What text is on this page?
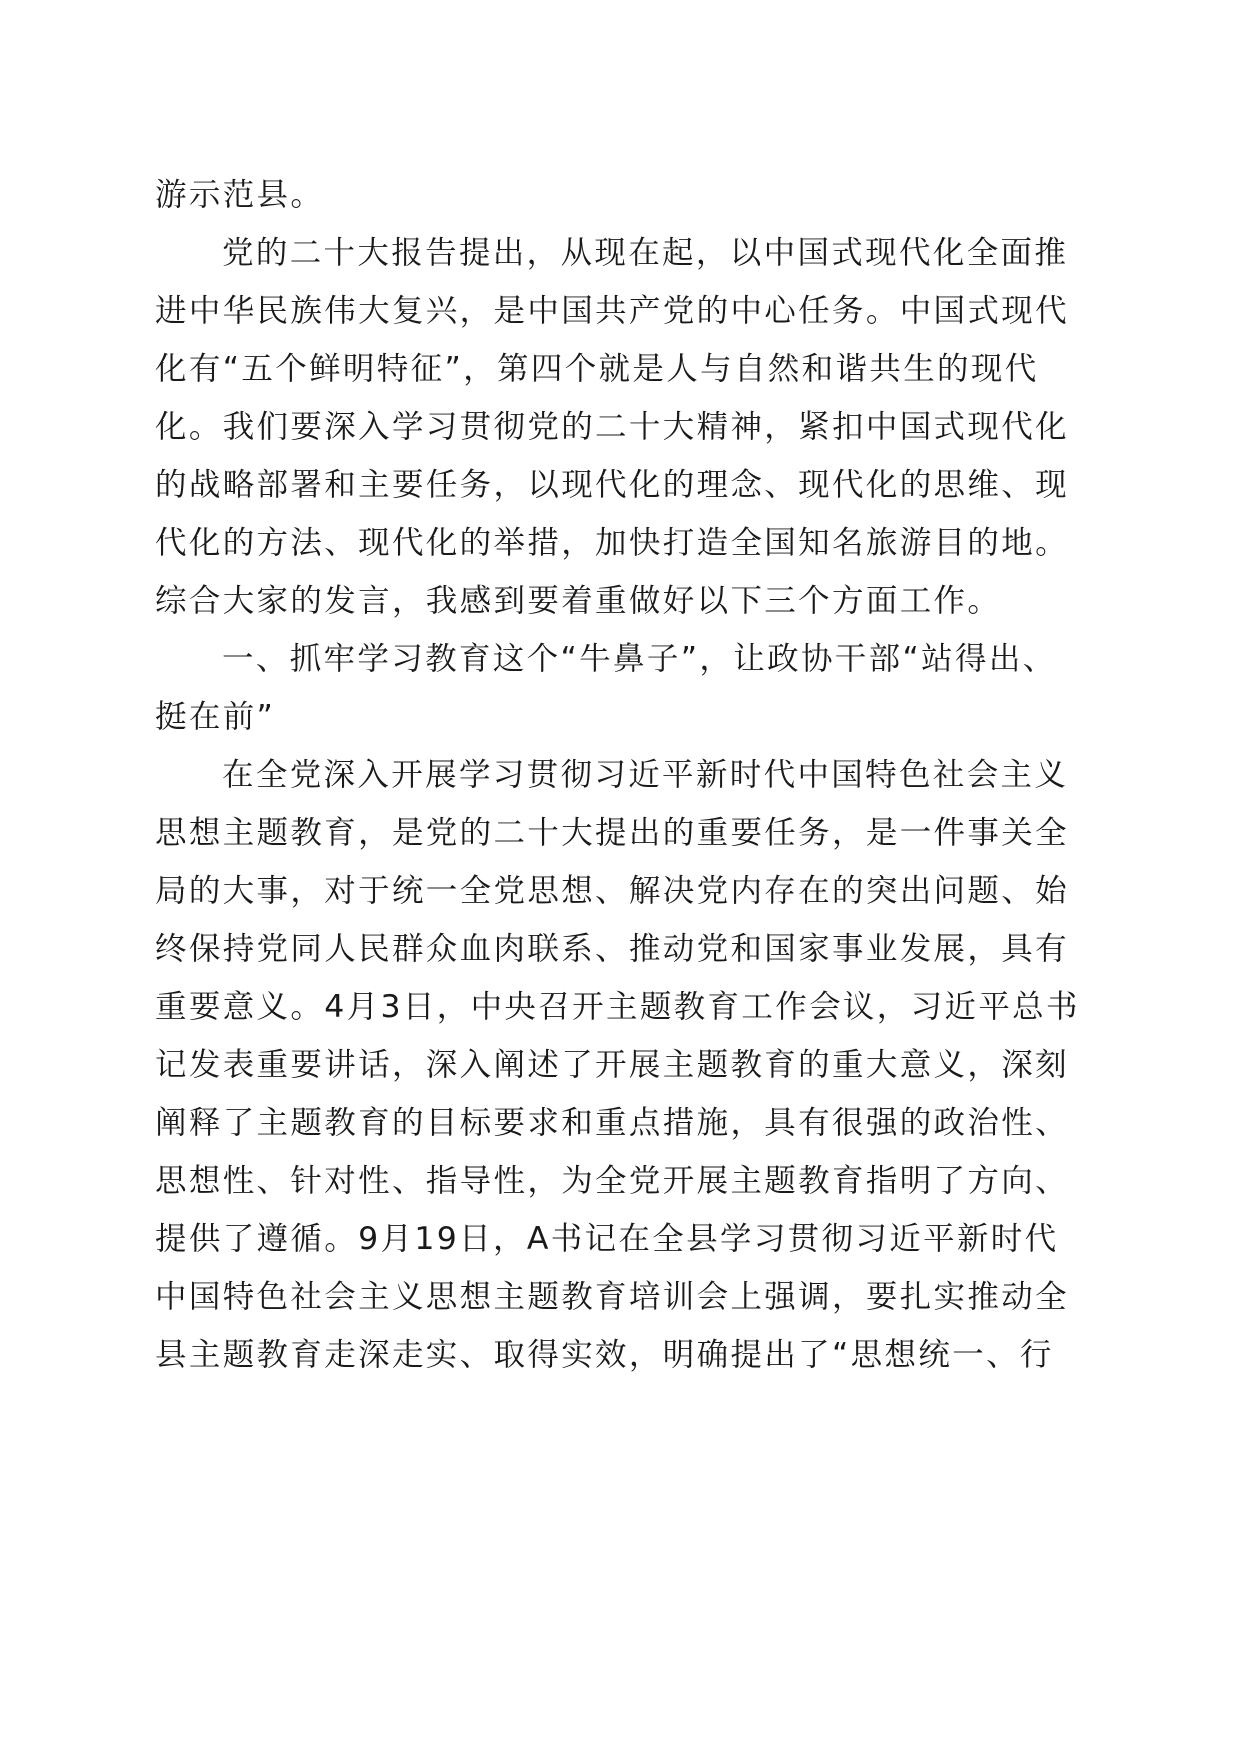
游示范县。
党的二十大报告提出，从现在起，以中国式现代化全面推
进中华民族伟大复兴，是中国共产党的中心任务。中国式现代
化有“五个鲜明特征”，第四个就是人与自然和谐共生的现代
化。我们要深入学习贯彻党的二十大精神，紧扣中国式现代化
的战略部署和主要任务，以现代化的理念、现代化的思维、现
代化的方法、现代化的举措，加快打造全国知名旅游目的地。
综合大家的发言，我感到要着重做好以下三个方面工作。
一、抓牢学习教育这个“牛鼻子”，让政协干部“站得出、
挺在前”
在全党深入开展学习贯彻习近平新时代中国特色社会主义
思想主题教育，是党的二十大提出的重要任务，是一件事关全
局的大事，对于统一全党思想、解决党内存在的突出问题、始
终保持党同人民群众血肉联系、推动党和国家事业发展，具有
重要意义。4月3日，中央召开主题教育工作会议，习近平总书
记发表重要讲话，深入阐述了开展主题教育的重大意义，深刻
阐释了主题教育的目标要求和重点措施，具有很强的政治性、
思想性、针对性、指导性，为全党开展主题教育指明了方向、
提供了遵循。9月19日，A书记在全县学习贯彻习近平新时代
中国特色社会主义思想主题教育培训会上强调，要扎实推动全
县主题教育走深走实、取得实效，明确提出了“思想统一、行
